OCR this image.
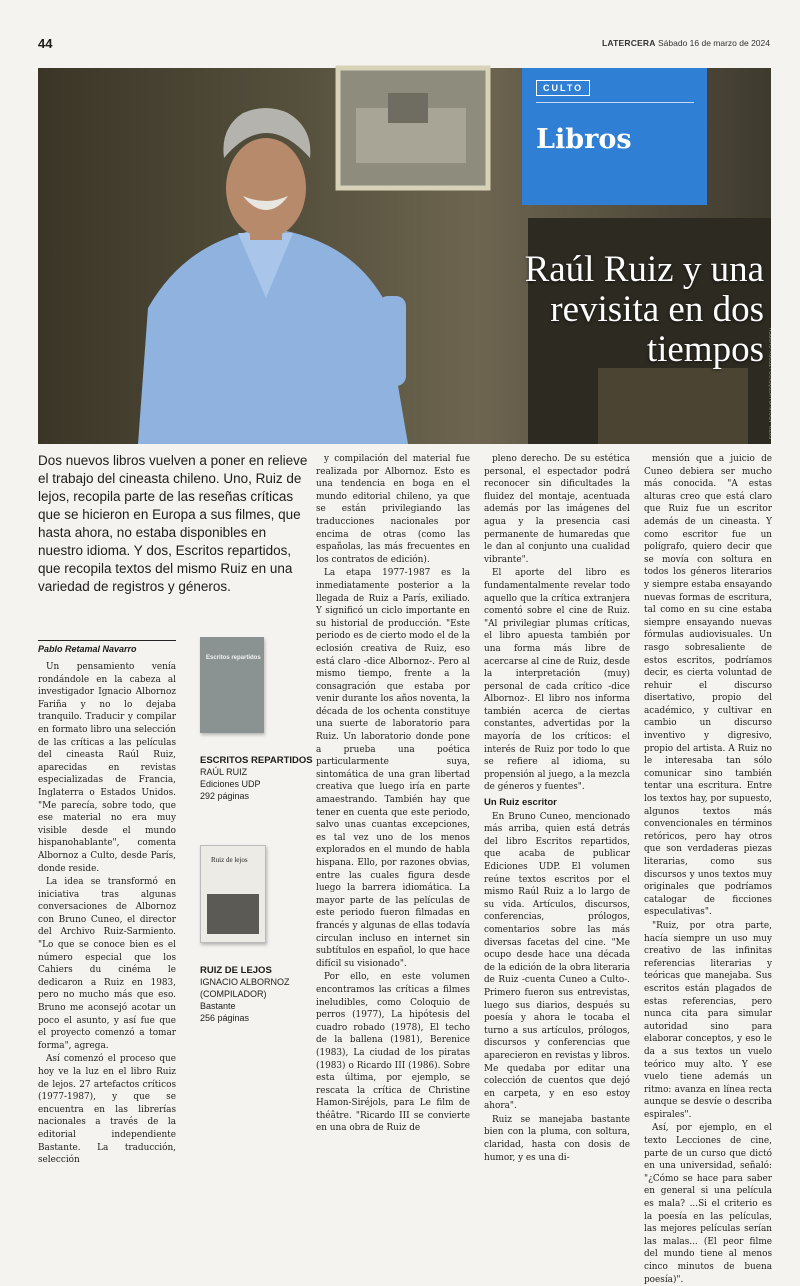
44	LATERCERA Sábado 16 de marzo de 2024
CULTO
Libros
Raúl Ruiz y una revisita en dos tiempos FOTO: ARCHIVO HISTÓRICO / TEDDY CUPPEN

Dos nuevos libros vuelven a poner en relieve el trabajo del cineasta chileno. Uno, Ruiz de lejos, recopila parte de las reseñas críticas que se hicieron en Europa a sus filmes, que hasta ahora, no estaba disponibles en nuestro idioma. Y dos, Escritos repartidos, que recopila textos del mismo Ruiz en una variedad de registros y géneros.

Pablo Retamal Navarro

Un pensamiento venía rondándole en la cabeza al investigador Ignacio Albornoz Fariña y no lo dejaba tranquilo. Traducir y compilar en formato libro una selección de las críticas a las películas del cineasta Raúl Ruiz, aparecidas en revistas especializadas de Francia, Inglaterra o Estados Unidos. "Me parecía, sobre todo, que ese material no era muy visible desde el mundo hispanohablante", comenta Albornoz a Culto, desde París, donde reside.

La idea se transformó en iniciativa tras algunas conversaciones de Albornoz con Bruno Cuneo, el director del Archivo Ruiz-Sarmiento. "Lo que se conoce bien es el número especial que los Cahiers du cinéma le dedicaron a Ruiz en 1983, pero no mucho más que eso. Bruno me aconsejó acotar un poco el asunto, y así fue que el proyecto comenzó a tomar forma", agrega.

Así comenzó el proceso que hoy ve la luz en el libro Ruiz de lejos. 27 artefactos críticos (1977-1987), y que se encuentra en las librerías nacionales a través de la editorial independiente Bastante. La traducción, selección

Escritos repartidos
ESCRITOS REPARTIDOS
RAÚL RUIZ
Ediciones UDP
292 páginas
Ruiz de lejos
RUIZ DE LEJOS
IGNACIO ALBORNOZ
(COMPILADOR)
Bastante
256 páginas

y compilación del material fue realizada por Albornoz. Esto es una tendencia en boga en el mundo editorial chileno, ya que se están privilegiando las traducciones nacionales por encima de otras (como las españolas, las más frecuentes en los contratos de edición).

La etapa 1977-1987 es la inmediatamente posterior a la llegada de Ruiz a París, exiliado. Y significó un ciclo importante en su historial de producción. "Este periodo es de cierto modo el de la eclosión creativa de Ruiz, eso está claro -dice Albornoz-. Pero al mismo tiempo, frente a la consagración que estaba por venir durante los años noventa, la década de los ochenta constituye una suerte de laboratorio para Ruiz. Un laboratorio donde pone a prueba una poética particularmente suya, sintomática de una gran libertad creativa que luego iría en parte amaestrando. También hay que tener en cuenta que este periodo, salvo unas cuantas excepciones, es tal vez uno de los menos explorados en el mundo de habla hispana. Ello, por razones obvias, entre las cuales figura desde luego la barrera idiomática. La mayor parte de las películas de este periodo fueron filmadas en francés y algunas de ellas todavía circulan incluso en internet sin subtítulos en español, lo que hace difícil su visionado".

Por ello, en este volumen encontramos las críticas a filmes ineludibles, como Coloquio de perros (1977), La hipótesis del cuadro robado (1978), El techo de la ballena (1981), Berenice (1983), La ciudad de los piratas (1983) o Ricardo III (1986). Sobre esta última, por ejemplo, se rescata la crítica de Christine Hamon-Siréjols, para Le film de théâtre. "Ricardo III se convierte en una obra de Ruiz de

pleno derecho. De su estética personal, el espectador podrá reconocer sin dificultades la fluidez del montaje, acentuada además por las imágenes del agua y la presencia casi permanente de humaredas que le dan al conjunto una cualidad vibrante".

El aporte del libro es fundamentalmente revelar todo aquello que la crítica extranjera comentó sobre el cine de Ruiz. "Al privilegiar plumas críticas, el libro apuesta también por una forma más libre de acercarse al cine de Ruiz, desde la interpretación (muy) personal de cada crítico -dice Albornoz-. El libro nos informa también acerca de ciertas constantes, advertidas por la mayoría de los críticos: el interés de Ruiz por todo lo que se refiere al idioma, su propensión al juego, a la mezcla de géneros y fuentes".

Un Ruiz escritor

En Bruno Cuneo, mencionado más arriba, quien está detrás del libro Escritos repartidos, que acaba de publicar Ediciones UDP. El volumen reúne textos escritos por el mismo Raúl Ruiz a lo largo de su vida. Artículos, discursos, conferencias, prólogos, comentarios sobre las más diversas facetas del cine. "Me ocupo desde hace una década de la edición de la obra literaria de Ruiz -cuenta Cuneo a Culto-. Primero fueron sus entrevistas, luego sus diarios, después su poesía y ahora le tocaba el turno a sus artículos, prólogos, discursos y conferencias que aparecieron en revistas y libros. Me quedaba por editar una colección de cuentos que dejó en carpeta, y en eso estoy ahora".

Ruiz se manejaba bastante bien con la pluma, con soltura, claridad, hasta con dosis de humor, y es una di-

mensión que a juicio de Cuneo debiera ser mucho más conocida. "A estas alturas creo que está claro que Ruiz fue un escritor además de un cineasta. Y como escritor fue un polígrafo, quiero decir que se movía con soltura en todos los géneros literarios y siempre estaba ensayando nuevas formas de escritura, tal como en su cine estaba siempre ensayando nuevas fórmulas audiovisuales. Un rasgo sobresaliente de estos escritos, podríamos decir, es cierta voluntad de rehuir el discurso disertativo, propio del académico, y cultivar en cambio un discurso inventivo y digresivo, propio del artista. A Ruiz no le interesaba tan sólo comunicar sino también tentar una escritura. Entre los textos hay, por supuesto, algunos textos más convencionales en términos retóricos, pero hay otros que son verdaderas piezas literarias, como sus discursos y unos textos muy originales que podríamos catalogar de ficciones especulativas".

"Ruiz, por otra parte, hacía siempre un uso muy creativo de las infinitas referencias literarias y teóricas que manejaba. Sus escritos están plagados de estas referencias, pero nunca cita para simular autoridad sino para elaborar conceptos, y eso le da a sus textos un vuelo teórico muy alto. Y ese vuelo tiene además un ritmo: avanza en línea recta aunque se desvíe o describa espirales".

Así, por ejemplo, en el texto Lecciones de cine, parte de un curso que dictó en una universidad, señaló: "¿Cómo se hace para saber en general si una película es mala? ...Si el criterio es la poesía en las películas, las mejores películas serían las malas... (El peor filme del mundo tiene al menos cinco minutos de buena poesía)".
